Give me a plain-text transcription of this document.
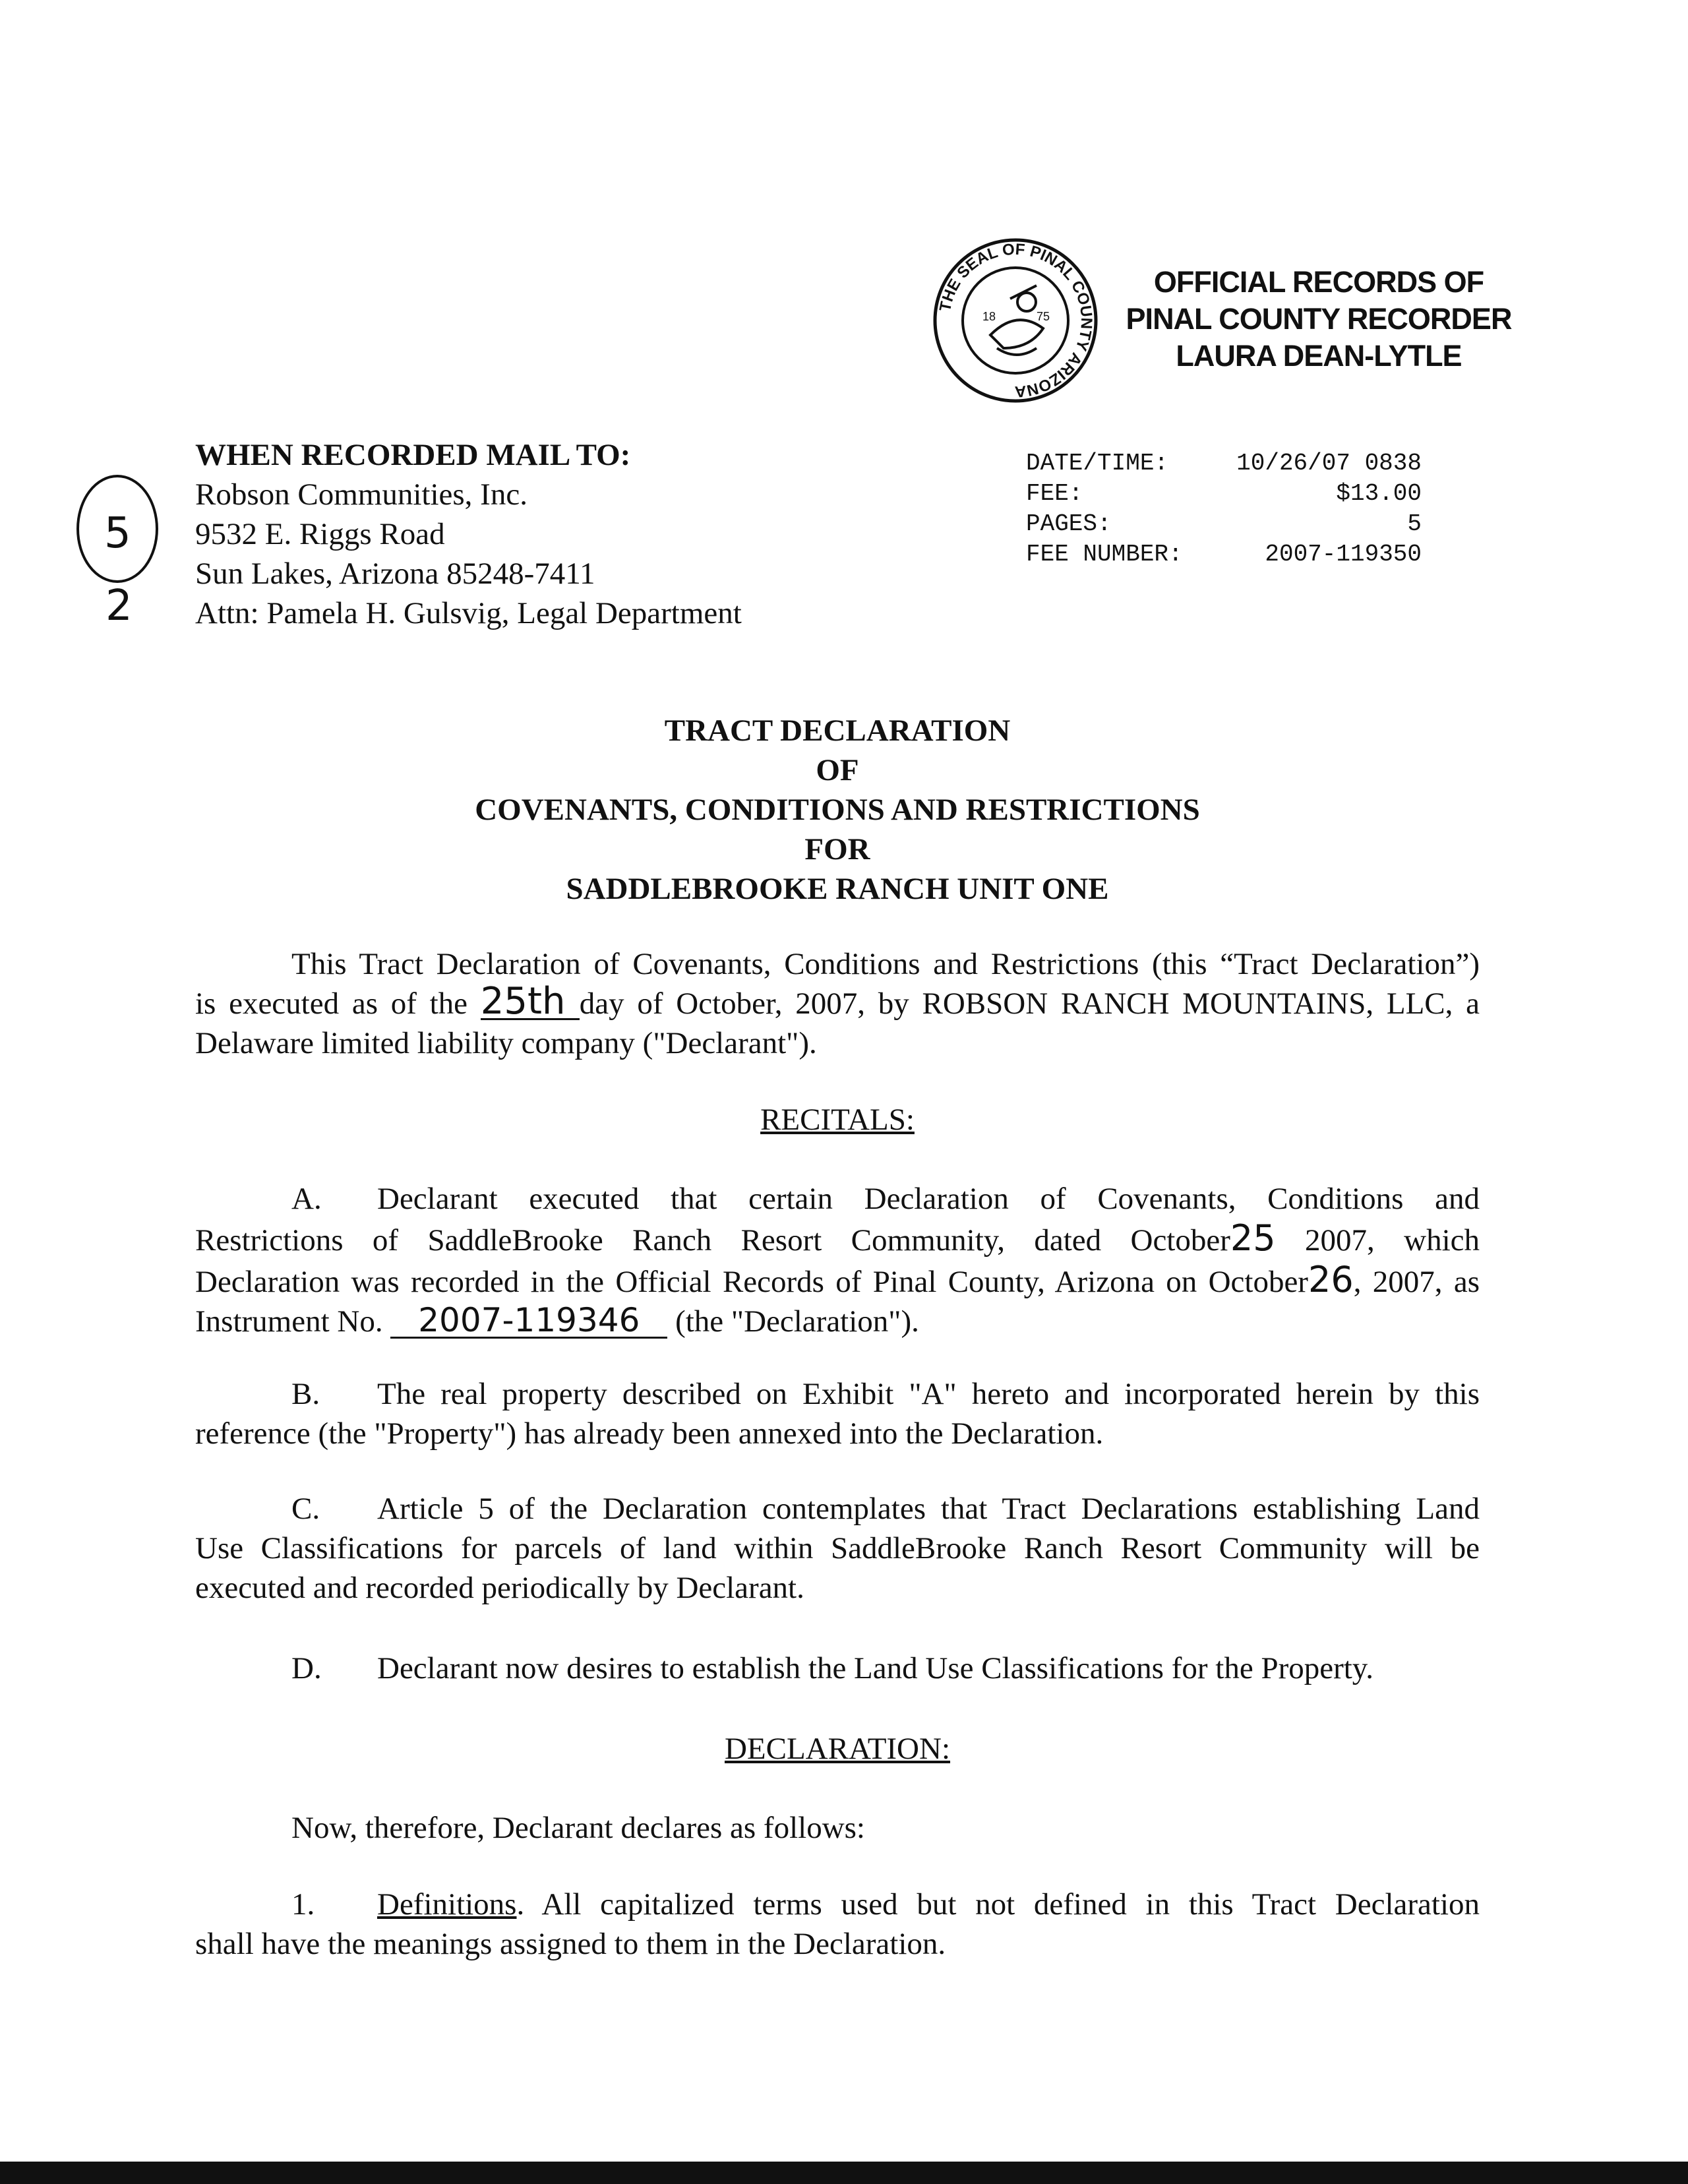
THE SEAL OF PINAL COUNTY ARIZONA
18	75
OFFICIAL RECORDS OF
PINAL COUNTY RECORDER
LAURA DEAN-LYTLE
DATE/TIME:	10/26/07 0838
FEE:	$13.00
PAGES:	5
FEE NUMBER:	2007-119350
5
2
WHEN RECORDED MAIL TO:
Robson Communities, Inc.
9532 E. Riggs Road
Sun Lakes, Arizona 85248-7411
Attn: Pamela H. Gulsvig, Legal Department
TRACT DECLARATION
OF
COVENANTS, CONDITIONS AND RESTRICTIONS
FOR
SADDLEBROOKE RANCH UNIT ONE
This Tract Declaration of Covenants, Conditions and Restrictions (this “Tract Declaration”)
is executed as of the 25th day of October, 2007, by ROBSON RANCH MOUNTAINS, LLC, a
Delaware limited liability company ("Declarant").
RECITALS:
A. Declarant executed that certain Declaration of Covenants, Conditions and
Restrictions of SaddleBrooke Ranch Resort Community, dated October25 2007, which
Declaration was recorded in the Official Records of Pinal County, Arizona on October26, 2007, as
Instrument No. 2007-119346 (the "Declaration").
B. The real property described on Exhibit "A" hereto and incorporated herein by this
reference (the "Property") has already been annexed into the Declaration.
C. Article 5 of the Declaration contemplates that Tract Declarations establishing Land
Use Classifications for parcels of land within SaddleBrooke Ranch Resort Community will be
executed and recorded periodically by Declarant.
D. Declarant now desires to establish the Land Use Classifications for the Property.
DECLARATION:
Now, therefore, Declarant declares as follows:
1. Definitions. All capitalized terms used but not defined in this Tract Declaration
shall have the meanings assigned to them in the Declaration.
